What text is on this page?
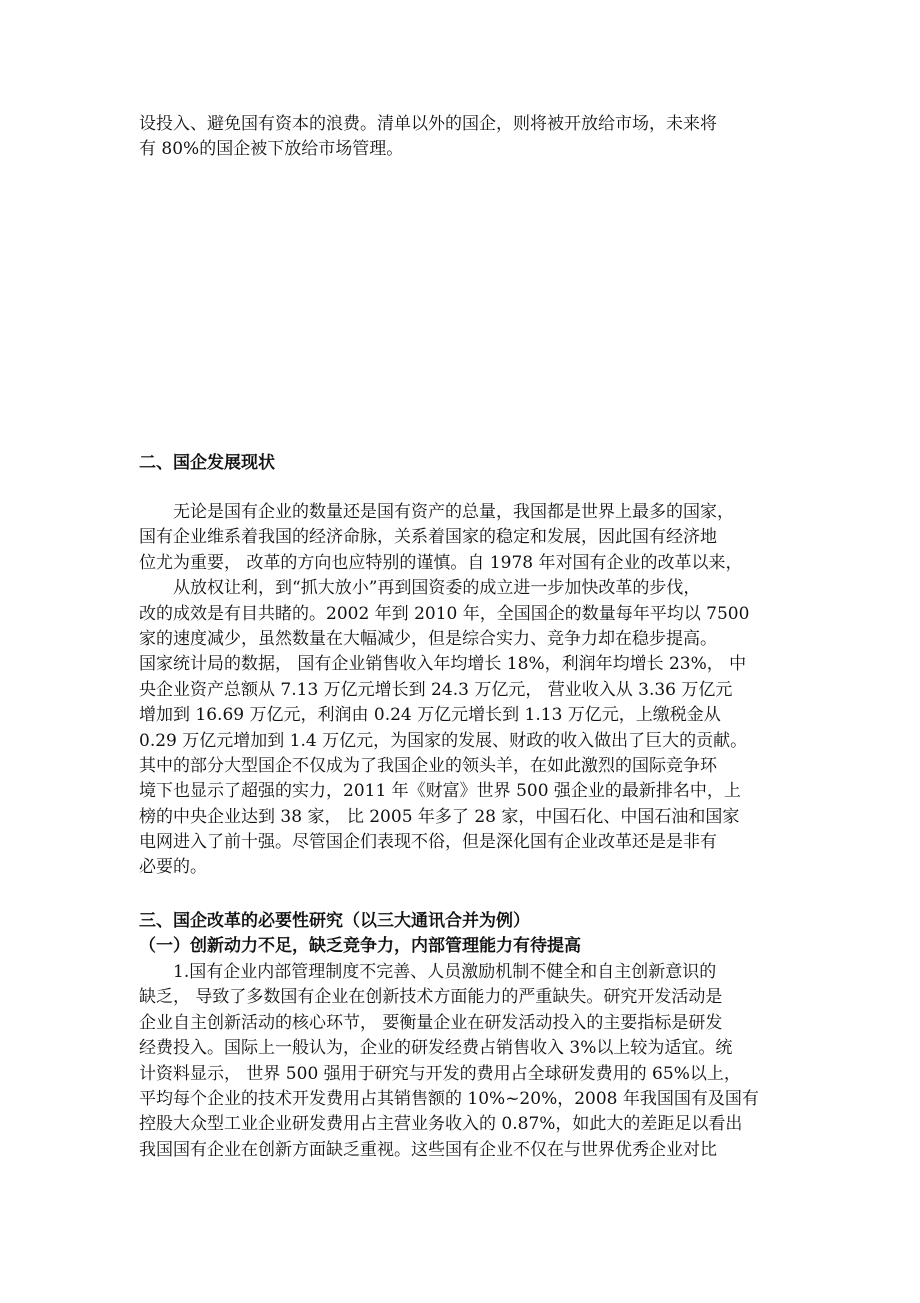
设投入、避免国有资本的浪费。清单以外的国企，则将被开放给市场，未来将
有 80%的国企被下放给市场管理。
二、国企发展现状
无论是国有企业的数量还是国有资产的总量，我国都是世界上最多的国家，
国有企业维系着我国的经济命脉，关系着国家的稳定和发展，因此国有经济地
位尤为重要， 改革的方向也应特别的谨慎。自 1978 年对国有企业的改革以来，
从放权让利，到“抓大放小”再到国资委的成立进一步加快改革的步伐，
改的成效是有目共睹的。2002 年到 2010 年，全国国企的数量每年平均以 7500
家的速度减少，虽然数量在大幅减少，但是综合实力、竞争力却在稳步提高。
国家统计局的数据， 国有企业销售收入年均增长 18%，利润年均增长 23%， 中
央企业资产总额从 7.13 万亿元增长到 24.3 万亿元， 营业收入从 3.36 万亿元
增加到 16.69 万亿元，利润由 0.24 万亿元增长到 1.13 万亿元，上缴税金从
0.29 万亿元增加到 1.4 万亿元，为国家的发展、财政的收入做出了巨大的贡献。
其中的部分大型国企不仅成为了我国企业的领头羊，在如此激烈的国际竞争环
境下也显示了超强的实力，2011 年《财富》世界 500 强企业的最新排名中，上
榜的中央企业达到 38 家， 比 2005 年多了 28 家，中国石化、中国石油和国家
电网进入了前十强。尽管国企们表现不俗，但是深化国有企业改革还是是非有
必要的。
三、国企改革的必要性研究（以三大通讯合并为例）
（一）创新动力不足，缺乏竞争力，内部管理能力有待提高
1.国有企业内部管理制度不完善、人员激励机制不健全和自主创新意识的
缺乏， 导致了多数国有企业在创新技术方面能力的严重缺失。研究开发活动是
企业自主创新活动的核心环节， 要衡量企业在研发活动投入的主要指标是研发
经费投入。国际上一般认为，企业的研发经费占销售收入 3%以上较为适宜。统
计资料显示， 世界 500 强用于研究与开发的费用占全球研发费用的 65%以上，
平均每个企业的技术开发费用占其销售额的 10%~20%，2008 年我国国有及国有
控股大众型工业企业研发费用占主营业务收入的 0.87%，如此大的差距足以看出
我国国有企业在创新方面缺乏重视。这些国有企业不仅在与世界优秀企业对比
